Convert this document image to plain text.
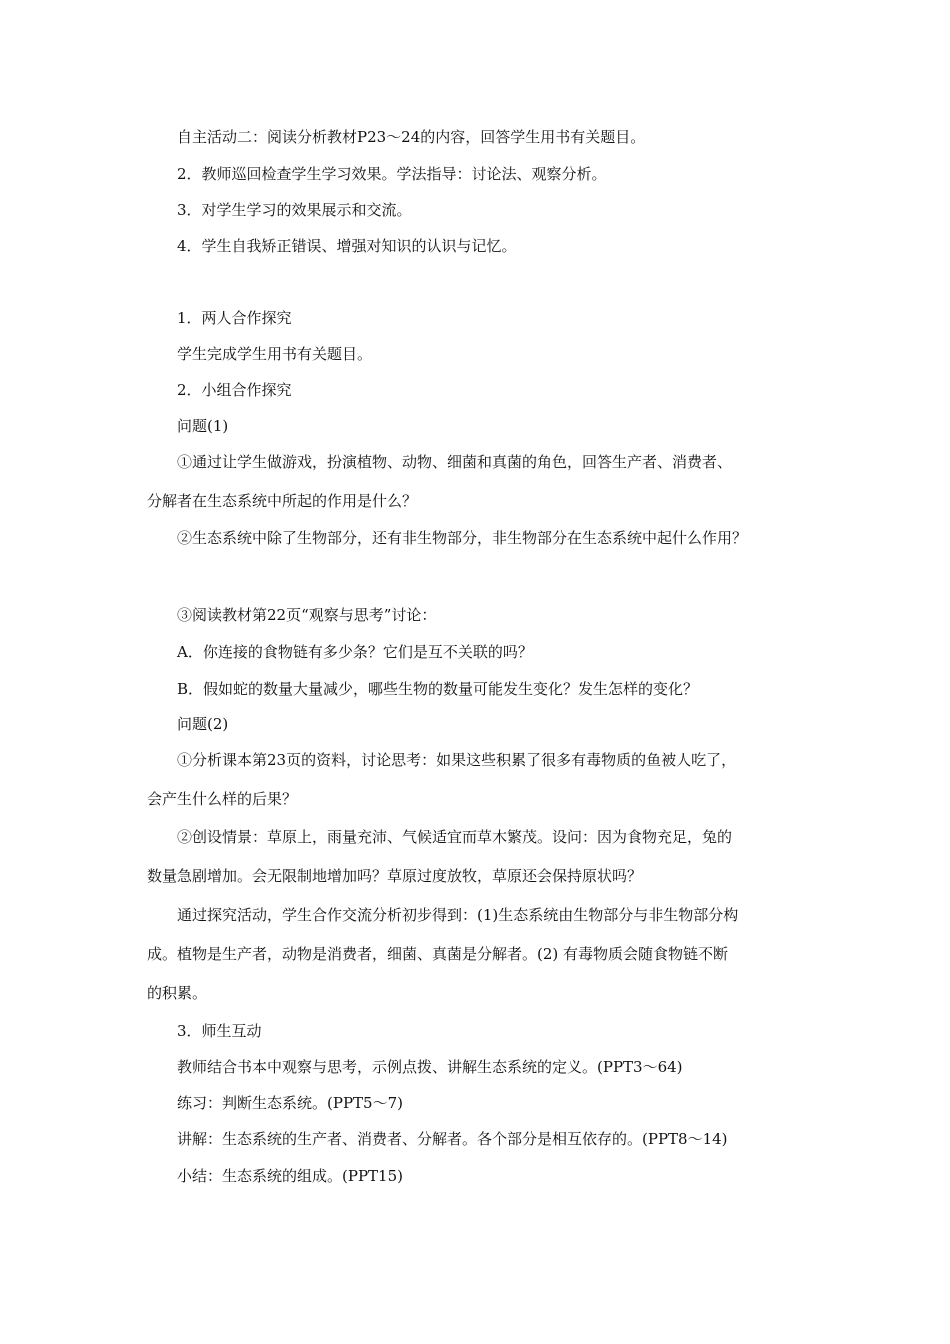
自主活动二：阅读分析教材P23～24的内容，回答学生用书有关题目。
2．教师巡回检查学生学习效果。学法指导：讨论法、观察分析。
3．对学生学习的效果展示和交流。
4．学生自我矫正错误、增强对知识的认识与记忆。
1．两人合作探究
学生完成学生用书有关题目。
2．小组合作探究
问题(1)
①通过让学生做游戏，扮演植物、动物、细菌和真菌的角色，回答生产者、消费者、
分解者在生态系统中所起的作用是什么？
②生态系统中除了生物部分，还有非生物部分，非生物部分在生态系统中起什么作用？
③阅读教材第22页“观察与思考”讨论：
A．你连接的食物链有多少条？它们是互不关联的吗？
B．假如蛇的数量大量减少，哪些生物的数量可能发生变化？发生怎样的变化？
问题(2)
①分析课本第23页的资料，讨论思考：如果这些积累了很多有毒物质的鱼被人吃了，
会产生什么样的后果？
②创设情景：草原上，雨量充沛、气候适宜而草木繁茂。设问：因为食物充足，兔的
数量急剧增加。会无限制地增加吗？草原过度放牧，草原还会保持原状吗？
通过探究活动，学生合作交流分析初步得到：(1)生态系统由生物部分与非生物部分构
成。植物是生产者，动物是消费者，细菌、真菌是分解者。(2) 有毒物质会随食物链不断
的积累。
3．师生互动
教师结合书本中观察与思考，示例点拨、讲解生态系统的定义。(PPT3～64)
练习：判断生态系统。(PPT5～7)
讲解：生态系统的生产者、消费者、分解者。各个部分是相互依存的。(PPT8～14)
小结：生态系统的组成。(PPT15)
